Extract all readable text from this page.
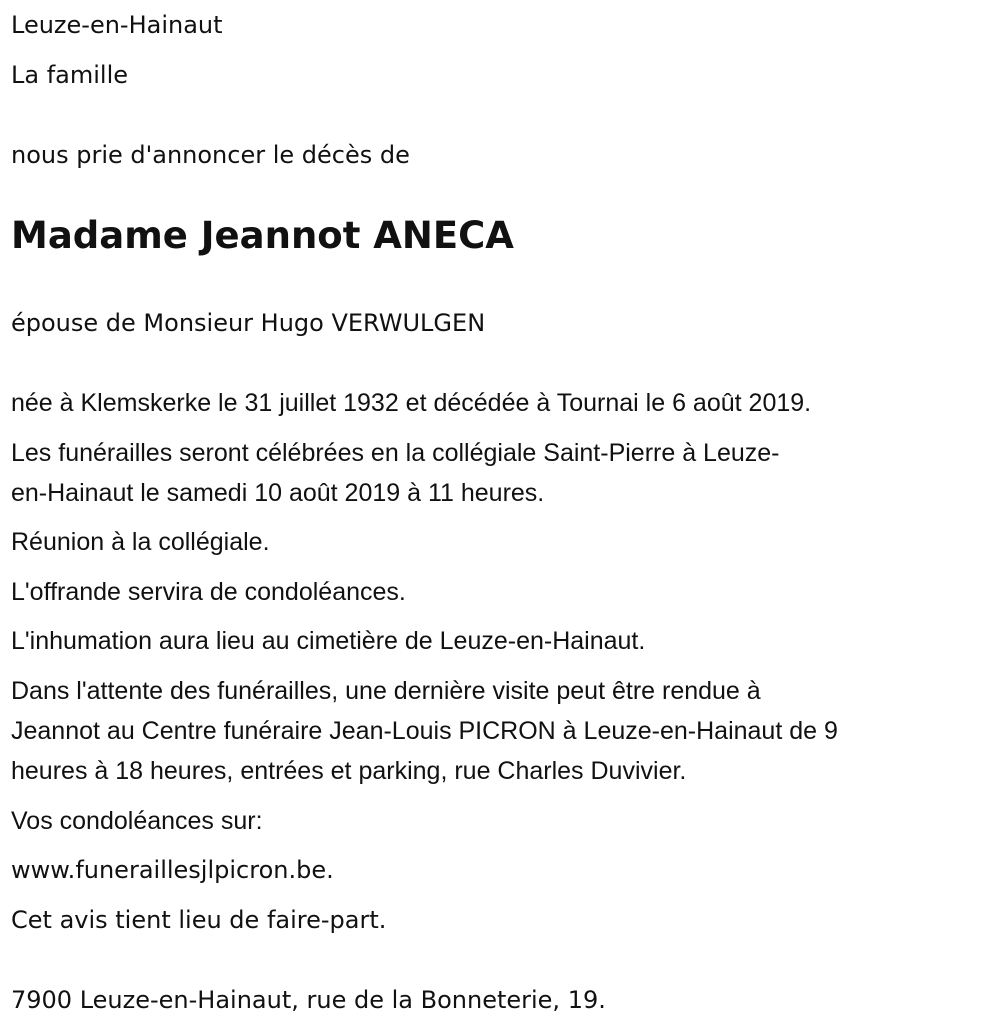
Leuze-en-Hainaut
La famille
nous prie d'annoncer le décès de
Madame Jeannot ANECA
épouse de Monsieur Hugo VERWULGEN
née à Klemskerke le 31 juillet 1932 et décédée à Tournai le 6 août 2019.
Les funérailles seront célébrées en la collégiale Saint-Pierre à Leuze-
en-Hainaut le samedi 10 août 2019 à 11 heures.
Réunion à la collégiale.
L'offrande servira de condoléances.
L'inhumation aura lieu au cimetière de Leuze-en-Hainaut.
Dans l'attente des funérailles, une dernière visite peut être rendue à
Jeannot au Centre funéraire Jean-Louis PICRON à Leuze-en-Hainaut de 9
heures à 18 heures, entrées et parking, rue Charles Duvivier.
Vos condoléances sur:
www.funeraillesjlpicron.be.
Cet avis tient lieu de faire-part.
7900 Leuze-en-Hainaut, rue de la Bonneterie, 19.
